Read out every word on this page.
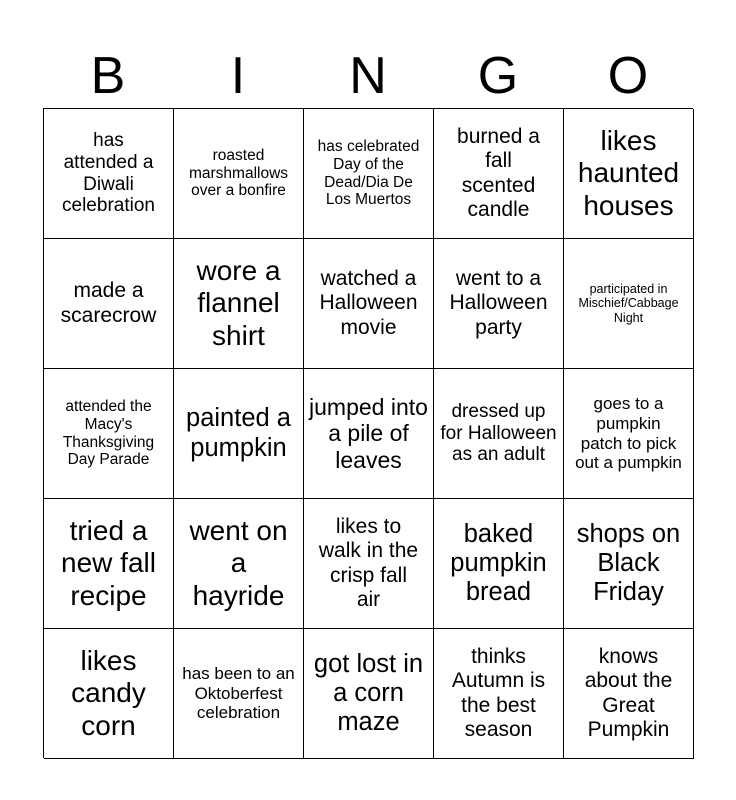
B	I	N	G	O
has attended a Diwali celebration
roasted marshmallows over a bonfire
has celebrated Day of the Dead/Dia De Los Muertos
burned a fall scented candle
likes haunted houses
made a scarecrow
wore a flannel shirt
watched a Halloween movie
went to a Halloween party
participated in Mischief/Cabbage Night
attended the Macy's Thanksgiving Day Parade
painted a pumpkin
jumped into a pile of leaves
dressed up for Halloween as an adult
goes to a pumpkin patch to pick out a pumpkin
tried a new fall recipe
went on a hayride
likes to walk in the crisp fall air
baked pumpkin bread
shops on Black Friday
likes candy corn
has been to an Oktoberfest celebration
got lost in a corn maze
thinks Autumn is the best season
knows about the Great Pumpkin
